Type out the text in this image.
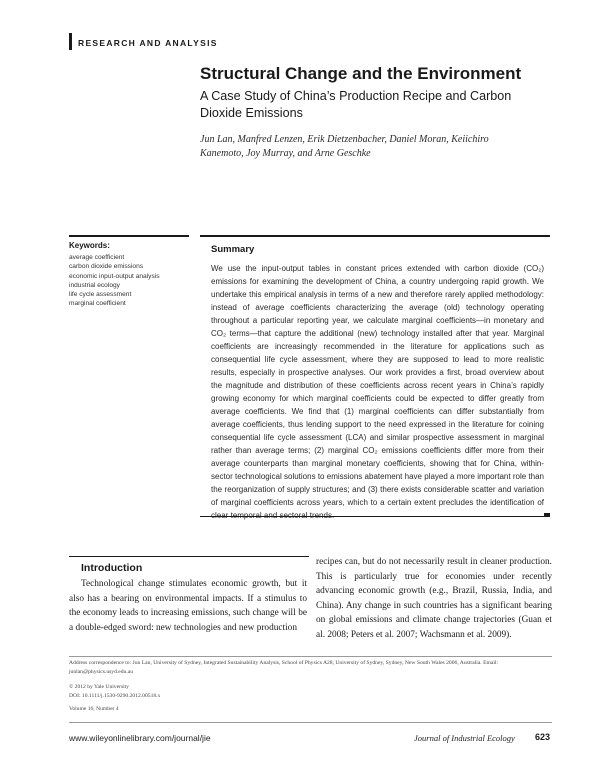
RESEARCH AND ANALYSIS
Structural Change and the Environment
A Case Study of China’s Production Recipe and Carbon Dioxide Emissions
Jun Lan, Manfred Lenzen, Erik Dietzenbacher, Daniel Moran, Keiichiro Kanemoto, Joy Murray, and Arne Geschke
Keywords:
average coefficient
carbon dioxide emissions
economic input-output analysis
industrial ecology
life cycle assessment
marginal coefficient
Summary

We use the input-output tables in constant prices extended with carbon dioxide (CO₂) emissions for examining the development of China, a country undergoing rapid growth. We undertake this empirical analysis in terms of a new and therefore rarely applied methodology: instead of average coefficients characterizing the average (old) technology operating throughout a particular reporting year, we calculate marginal coefficients—in monetary and CO₂ terms—that capture the additional (new) technology installed after that year. Marginal coefficients are increasingly recommended in the literature for applications such as consequential life cycle assessment, where they are supposed to lead to more realistic results, especially in prospective analyses. Our work provides a first, broad overview about the magnitude and distribution of these coefficients across recent years in China’s rapidly growing economy for which marginal coefficients could be expected to differ greatly from average coefficients. We find that (1) marginal coefficients can differ substantially from average coefficients, thus lending support to the need expressed in the literature for coining consequential life cycle assessment (LCA) and similar prospective assessment in marginal rather than average terms; (2) marginal CO₂ emissions coefficients differ more from their average counterparts than marginal monetary coefficients, showing that for China, within-sector technological solutions to emissions abatement have played a more important role than the reorganization of supply structures; and (3) there exists considerable scatter and variation of marginal coefficients across years, which to a certain extent precludes the identification of

Introduction

Technological change stimulates economic growth, but it also has a bearing on environmental impacts. If a stimulus to the economy leads to increasing emissions, such change will be a double-edged sword: new technologies and new production

recipes can, but do not necessarily result in cleaner production. This is particularly true for economies under recently advancing economic growth (e.g., Brazil, Russia, India, and China). Any change in such countries has a significant bearing on global emissions and climate change trajectories (Guan et al. 2008; Peters et al. 2007; Wachsmann et al. 2009).

Address correspondence to: Jun Lan, University of Sydney, Integrated Sustainability Analysis, School of Physics A28, University of Sydney, Sydney, New South Wales 2006, Australia. Email: junlan@physics.usyd.edu.au

© 2012 by Yale University
DOI: 10.1111/j.1530-9290.2012.00518.x
Volume 16, Number 4
www.wileyonlinelibrary.com/journal/jie	Journal of Industrial Ecology 623
